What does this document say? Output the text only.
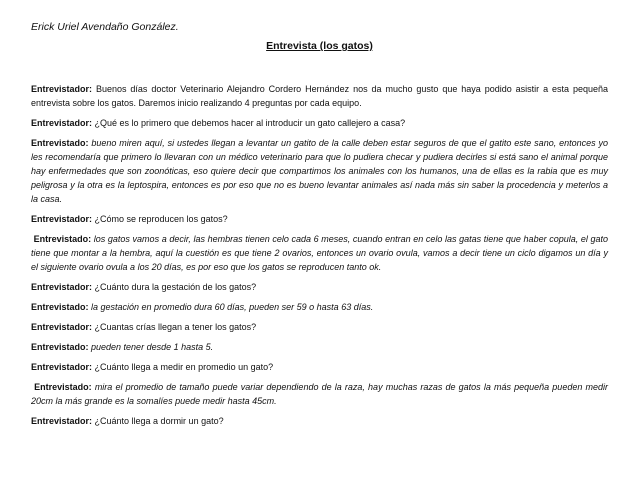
Erick Uriel Avendaño González.

Entrevista (los gatos)

Entrevistador: Buenos días doctor Veterinario Alejandro Cordero Hernández nos da mucho gusto que haya podido asistir a esta pequeña entrevista sobre los gatos. Daremos inicio realizando 4 preguntas por cada equipo.

Entrevistador: ¿Qué es lo primero que debemos hacer al introducir un gato callejero a casa?

Entrevistado: bueno miren aquí, si ustedes llegan a levantar un gatito de la calle deben estar seguros de que el gatito este sano, entonces yo les recomendaría que primero lo llevaran con un médico veterinario para que lo pudiera checar y pudiera decirles si está sano el animal porque hay enfermedades que son zoonóticas, eso quiere decir que compartimos los animales con los humanos, una de ellas es la rabia que es muy peligrosa y la otra es la leptospira, entonces es por eso que no es bueno levantar animales así nada más sin saber la procedencia y meterlos a la casa.

Entrevistador: ¿Cómo se reproducen los gatos?

Entrevistado: los gatos vamos a decir, las hembras tienen celo cada 6 meses, cuando entran en celo las gatas tiene que haber copula, el gato tiene que montar a la hembra, aquí la cuestión es que tiene 2 ovarios, entonces un ovario ovula, vamos a decir tiene un ciclo digamos un día y el siguiente ovario ovula a los 20 días, es por eso que los gatos se reproducen tanto ok.

Entrevistador: ¿Cuánto dura la gestación de los gatos?

Entrevistado: la gestación en promedio dura 60 días, pueden ser 59 o hasta 63 días.

Entrevistador: ¿Cuantas crías llegan a tener los gatos?

Entrevistado: pueden tener desde 1 hasta 5.

Entrevistador: ¿Cuánto llega a medir en promedio un gato?

Entrevistado: mira el promedio de tamaño puede variar dependiendo de la raza, hay muchas razas de gatos la más pequeña pueden medir 20cm la más grande es la somalíes puede medir hasta 45cm.

Entrevistador: ¿Cuánto llega a dormir un gato?
